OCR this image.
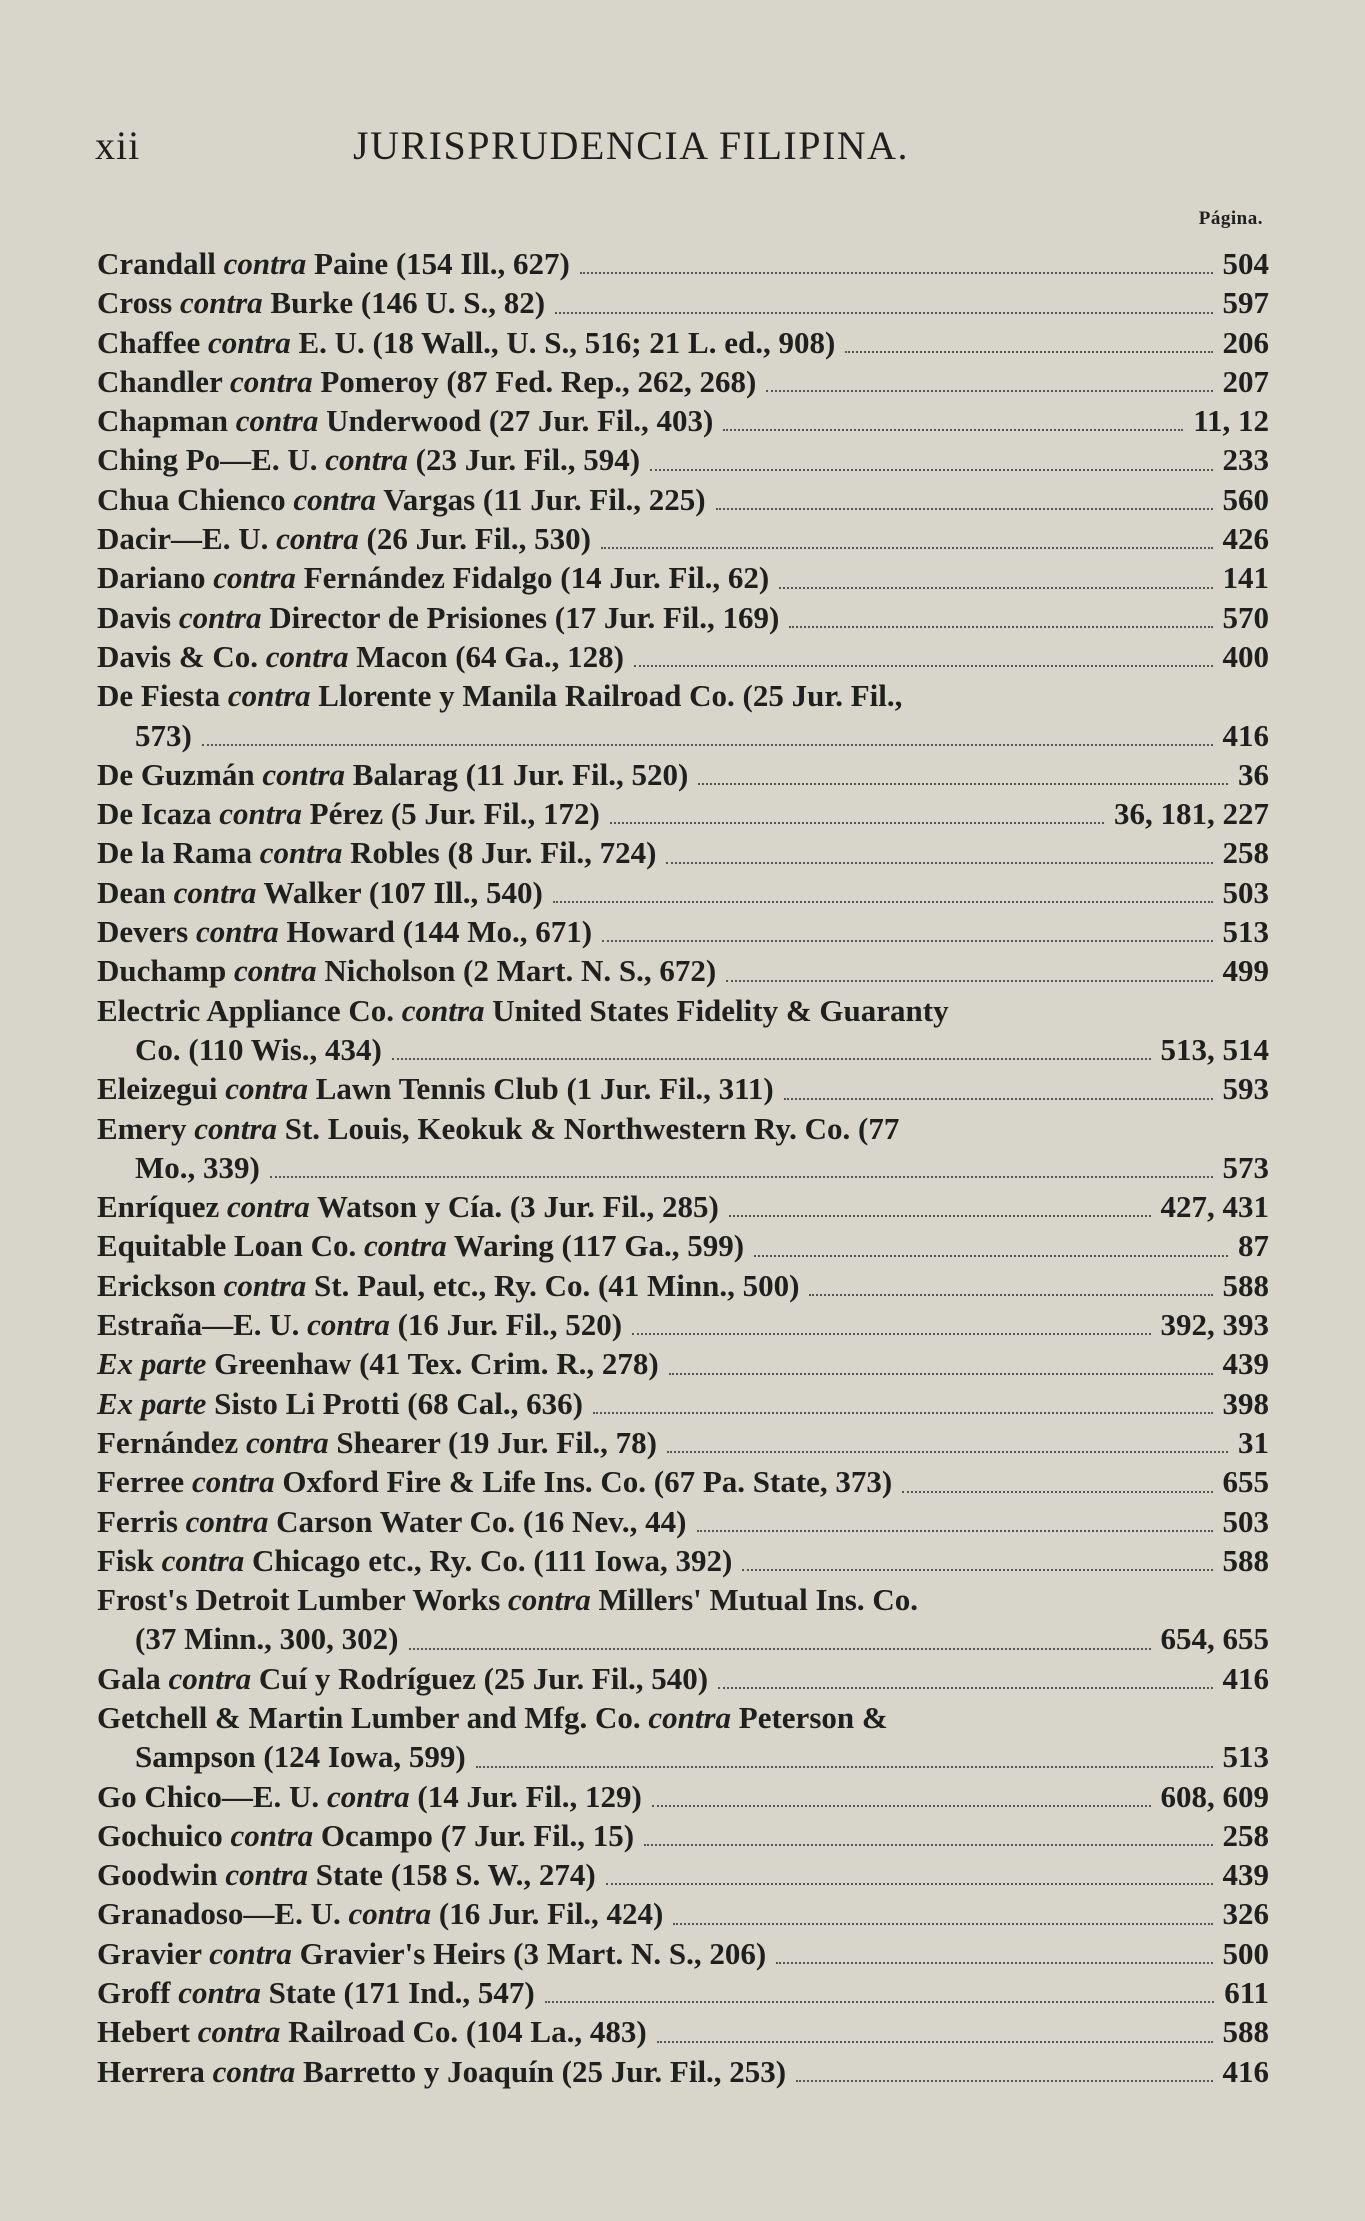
xii	JURISPRUDENCIA FILIPINA.
Página.
Crandall contra Paine (154 Ill., 627)	504
Cross contra Burke (146 U. S., 82)	597
Chaffee contra E. U. (18 Wall., U. S., 516; 21 L. ed., 908)	206
Chandler contra Pomeroy (87 Fed. Rep., 262, 268)	207
Chapman contra Underwood (27 Jur. Fil., 403)	11, 12
Ching Po—E. U. contra (23 Jur. Fil., 594)	233
Chua Chienco contra Vargas (11 Jur. Fil., 225)	560
Dacir—E. U. contra (26 Jur. Fil., 530)	426
Dariano contra Fernández Fidalgo (14 Jur. Fil., 62)	141
Davis contra Director de Prisiones (17 Jur. Fil., 169)	570
Davis & Co. contra Macon (64 Ga., 128)	400
De Fiesta contra Llorente y Manila Railroad Co. (25 Jur. Fil.,
573)	416
De Guzmán contra Balarag (11 Jur. Fil., 520)	36
De Icaza contra Pérez (5 Jur. Fil., 172)	36, 181, 227
De la Rama contra Robles (8 Jur. Fil., 724)	258
Dean contra Walker (107 Ill., 540)	503
Devers contra Howard (144 Mo., 671)	513
Duchamp contra Nicholson (2 Mart. N. S., 672)	499
Electric Appliance Co. contra United States Fidelity & Guaranty
Co. (110 Wis., 434)	513, 514
Eleizegui contra Lawn Tennis Club (1 Jur. Fil., 311)	593
Emery contra St. Louis, Keokuk & Northwestern Ry. Co. (77
Mo., 339)	573
Enríquez contra Watson y Cía. (3 Jur. Fil., 285)	427, 431
Equitable Loan Co. contra Waring (117 Ga., 599)	87
Erickson contra St. Paul, etc., Ry. Co. (41 Minn., 500)	588
Estraña—E. U. contra (16 Jur. Fil., 520)	392, 393
Ex parte Greenhaw (41 Tex. Crim. R., 278)	439
Ex parte Sisto Li Protti (68 Cal., 636)	398
Fernández contra Shearer (19 Jur. Fil., 78)	31
Ferree contra Oxford Fire & Life Ins. Co. (67 Pa. State, 373)	655
Ferris contra Carson Water Co. (16 Nev., 44)	503
Fisk contra Chicago etc., Ry. Co. (111 Iowa, 392)	588
Frost's Detroit Lumber Works contra Millers' Mutual Ins. Co.
(37 Minn., 300, 302)	654, 655
Gala contra Cuí y Rodríguez (25 Jur. Fil., 540)	416
Getchell & Martin Lumber and Mfg. Co. contra Peterson &
Sampson (124 Iowa, 599)	513
Go Chico—E. U. contra (14 Jur. Fil., 129)	608, 609
Gochuico contra Ocampo (7 Jur. Fil., 15)	258
Goodwin contra State (158 S. W., 274)	439
Granadoso—E. U. contra (16 Jur. Fil., 424)	326
Gravier contra Gravier's Heirs (3 Mart. N. S., 206)	500
Groff contra State (171 Ind., 547)	611
Hebert contra Railroad Co. (104 La., 483)	588
Herrera contra Barretto y Joaquín (25 Jur. Fil., 253)	416
